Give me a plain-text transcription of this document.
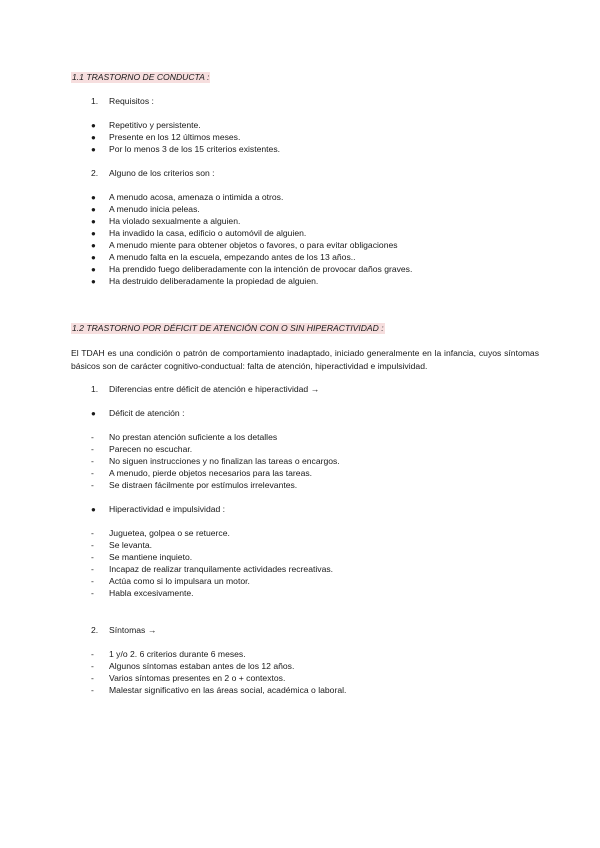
1.1 TRASTORNO DE CONDUCTA :
1. Requisitos :
● Repetitivo y persistente.
● Presente en los 12 últimos meses.
● Por lo menos 3 de los 15 criterios existentes.
2. Alguno de los criterios son :
● A menudo acosa, amenaza o intimida a otros.
● A menudo inicia peleas.
● Ha violado sexualmente a alguien.
● Ha invadido la casa, edificio o automóvil de alguien.
● A menudo miente para obtener objetos o favores, o para evitar obligaciones
● A menudo falta en la escuela, empezando antes de los 13 años..
● Ha prendido fuego deliberadamente con la intención de provocar daños graves.
● Ha destruido deliberadamente la propiedad de alguien.
1.2 TRASTORNO POR DÉFICIT DE ATENCIÓN CON O SIN HIPERACTIVIDAD :
El TDAH es una condición o patrón de comportamiento inadaptado, iniciado generalmente en la infancia, cuyos síntomas básicos son de carácter cognitivo-conductual: falta de atención, hiperactividad e impulsividad.
1. Diferencias entre déficit de atención e hiperactividad →
● Déficit de atención :
- No prestan atención suficiente a los detalles
- Parecen no escuchar.
- No siguen instrucciones y no finalizan las tareas o encargos.
- A menudo, pierde objetos necesarios para las tareas.
- Se distraen fácilmente por estímulos irrelevantes.
● Hiperactividad e impulsividad :
- Juguetea, golpea o se retuerce.
- Se levanta.
- Se mantiene inquieto.
- Incapaz de realizar tranquilamente actividades recreativas.
- Actúa como si lo impulsara un motor.
- Habla excesivamente.
2. Síntomas →
- 1 y/o 2. 6 criterios durante 6 meses.
- Algunos síntomas estaban antes de los 12 años.
- Varios síntomas presentes en 2 o + contextos.
- Malestar significativo en las áreas social, académica o laboral.
